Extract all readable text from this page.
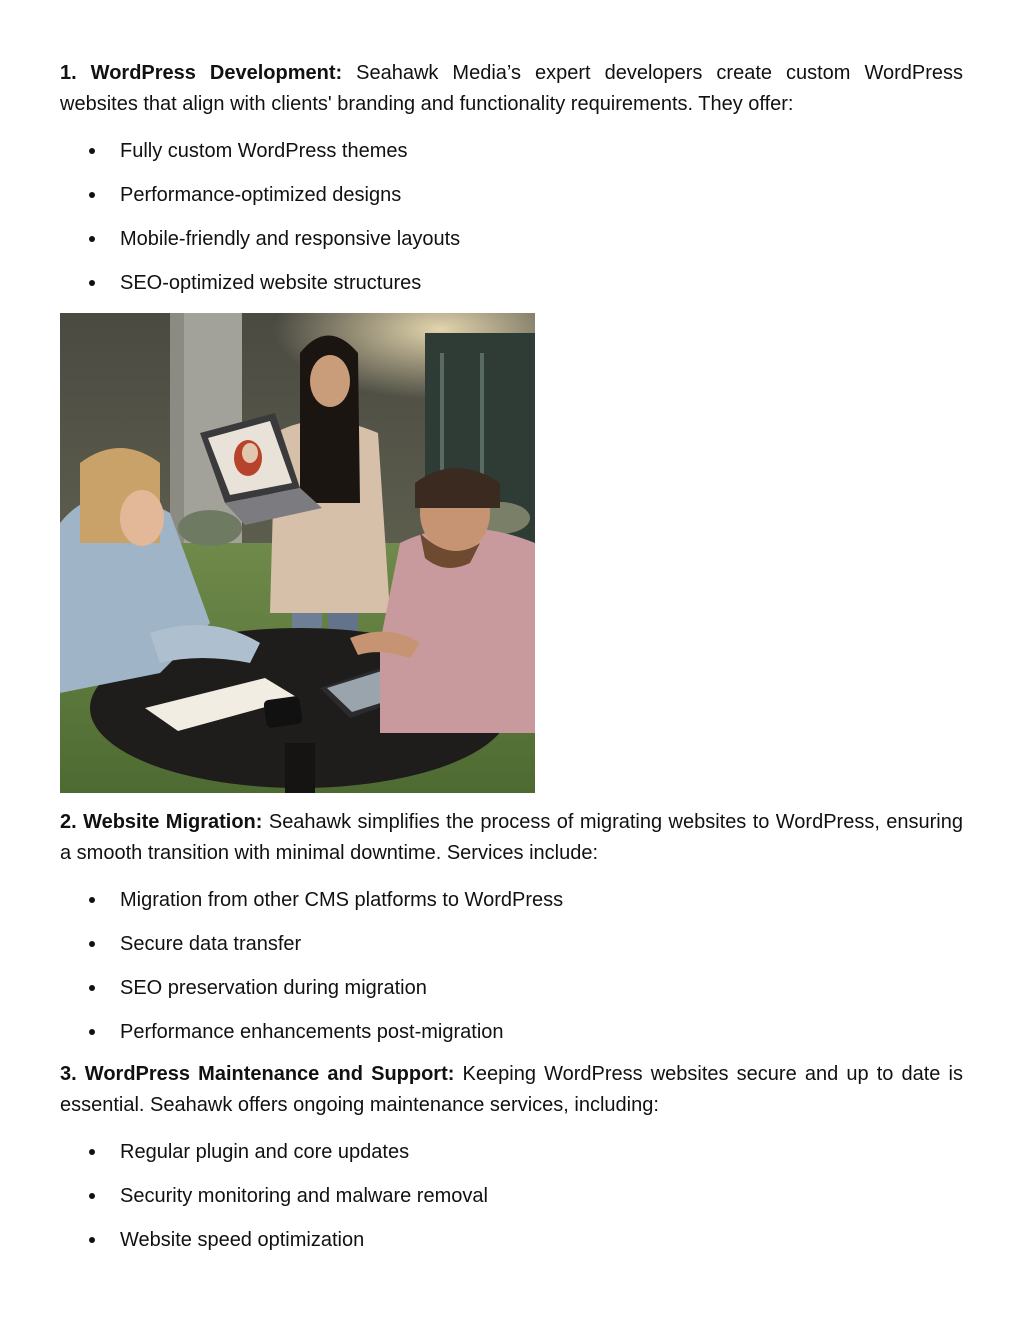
1. WordPress Development: Seahawk Media’s expert developers create custom WordPress websites that align with clients' branding and functionality requirements. They offer:

Fully custom WordPress themes
Performance-optimized designs
Mobile-friendly and responsive layouts
SEO-optimized website structures

2. Website Migration: Seahawk simplifies the process of migrating websites to WordPress, ensuring a smooth transition with minimal downtime. Services include:

Migration from other CMS platforms to WordPress
Secure data transfer
SEO preservation during migration
Performance enhancements post-migration

3. WordPress Maintenance and Support: Keeping WordPress websites secure and up to date is essential. Seahawk offers ongoing maintenance services, including:

Regular plugin and core updates
Security monitoring and malware removal
Website speed optimization
